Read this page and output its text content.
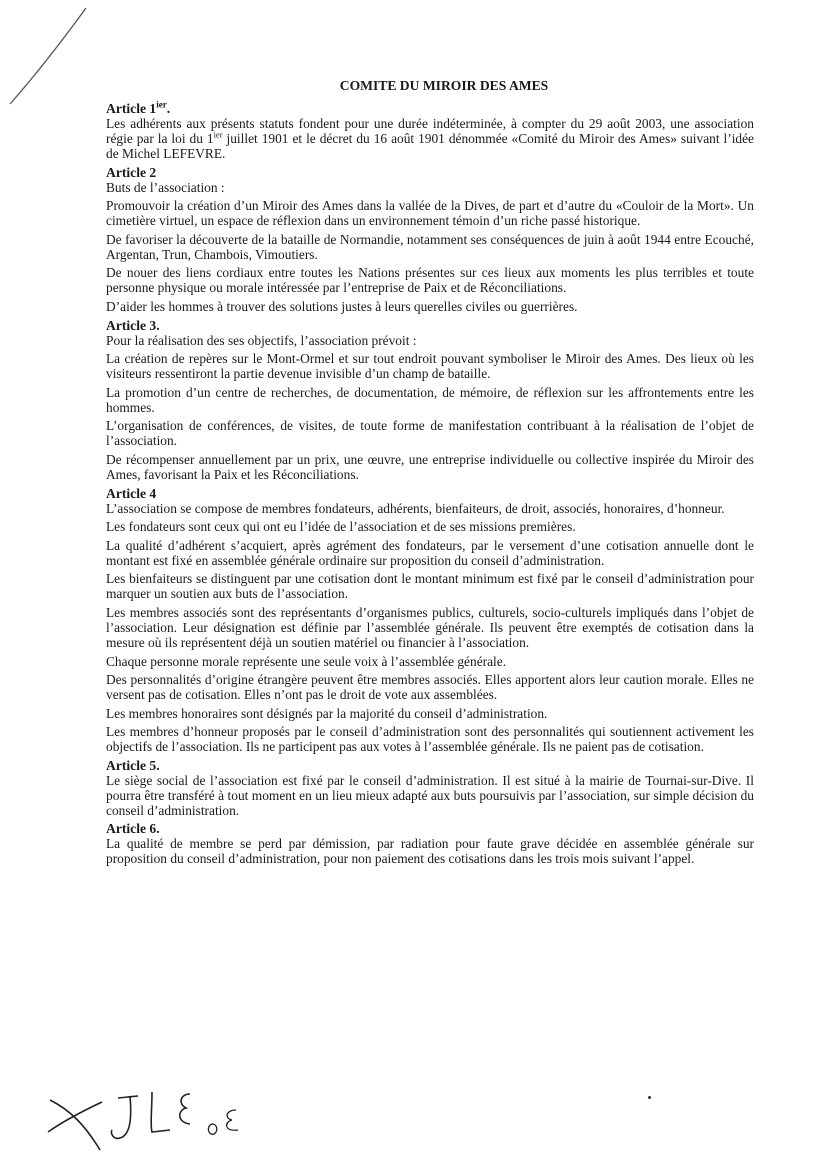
COMITE DU MIROIR DES AMES
Article $1^{ier}$.

Les adhérents aux présents statuts fondent pour une durée indéterminée, à compter du 29 août 2003, une association régie par la loi du $1^{ier}$ juillet 1901 et le décret du 16 août 1901 dénommée «Comité du Miroir des Ames» suivant l’idée de Michel LEFEVRE.

Article 2

Buts de l’association :

Promouvoir la création d’un Miroir des Ames dans la vallée de la Dives, de part et d’autre du «Couloir de la Mort». Un cimetière virtuel, un espace de réflexion dans un environnement témoin d’un riche passé historique.

De favoriser la découverte de la bataille de Normandie, notamment ses conséquences de juin à août 1944 entre Ecouché, Argentan, Trun, Chambois, Vimoutiers.

De nouer des liens cordiaux entre toutes les Nations présentes sur ces lieux aux moments les plus terribles et toute personne physique ou morale intéressée par l’entreprise de Paix et de Réconciliations.

D’aider les hommes à trouver des solutions justes à leurs querelles civiles ou guerrières.

Article 3.

Pour la réalisation des ses objectifs, l’association prévoit :

La création de repères sur le Mont-Ormel et sur tout endroit pouvant symboliser le Miroir des Ames. Des lieux où les visiteurs ressentiront la partie devenue invisible d’un champ de bataille.

La promotion d’un centre de recherches, de documentation, de mémoire, de réflexion sur les affrontements entre les hommes.

L’organisation de conférences, de visites, de toute forme de manifestation contribuant à la réalisation de l’objet de l’association.

De récompenser annuellement par un prix, une œuvre, une entreprise individuelle ou collective inspirée du Miroir des Ames, favorisant la Paix et les Réconciliations.

Article 4

L’association se compose de membres fondateurs, adhérents, bienfaiteurs, de droit, associés, honoraires, d’honneur.

Les fondateurs sont ceux qui ont eu l’idée de l’association et de ses missions premières.

La qualité d’adhérent s’acquiert, après agrément des fondateurs, par le versement d’une cotisation annuelle dont le montant est fixé en assemblée générale ordinaire sur proposition du conseil d’administration.

Les bienfaiteurs se distinguent par une cotisation dont le montant minimum est fixé par le conseil d’administration pour marquer un soutien aux buts de l’association.

Les membres associés sont des représentants d’organismes publics, culturels, socio-culturels impliqués dans l’objet de l’association. Leur désignation est définie par l’assemblée générale. Ils peuvent être exemptés de cotisation dans la mesure où ils représentent déjà un soutien matériel ou financier à l’association.

Chaque personne morale représente une seule voix à l’assemblée générale.

Des personnalités d’origine étrangère peuvent être membres associés. Elles apportent alors leur caution morale. Elles ne versent pas de cotisation. Elles n’ont pas le droit de vote aux assemblées.

Les membres honoraires sont désignés par la majorité du conseil d’administration.

Les membres d’honneur proposés par le conseil d’administration sont des personnalités qui soutiennent activement les objectifs de l’association. Ils ne participent pas aux votes à l’assemblée générale. Ils ne paient pas de cotisation.

Article 5.

Le siège social de l’association est fixé par le conseil d’administration. Il est situé à la mairie de Tournai-sur-Dive. Il pourra être transféré à tout moment en un lieu mieux adapté aux buts poursuivis par l’association, sur simple décision du conseil d’administration.

Article 6.

La qualité de membre se perd par démission, par radiation pour faute grave décidée en assemblée générale sur proposition du conseil d’administration, pour non paiement des cotisations dans les trois mois suivant l’appel.
